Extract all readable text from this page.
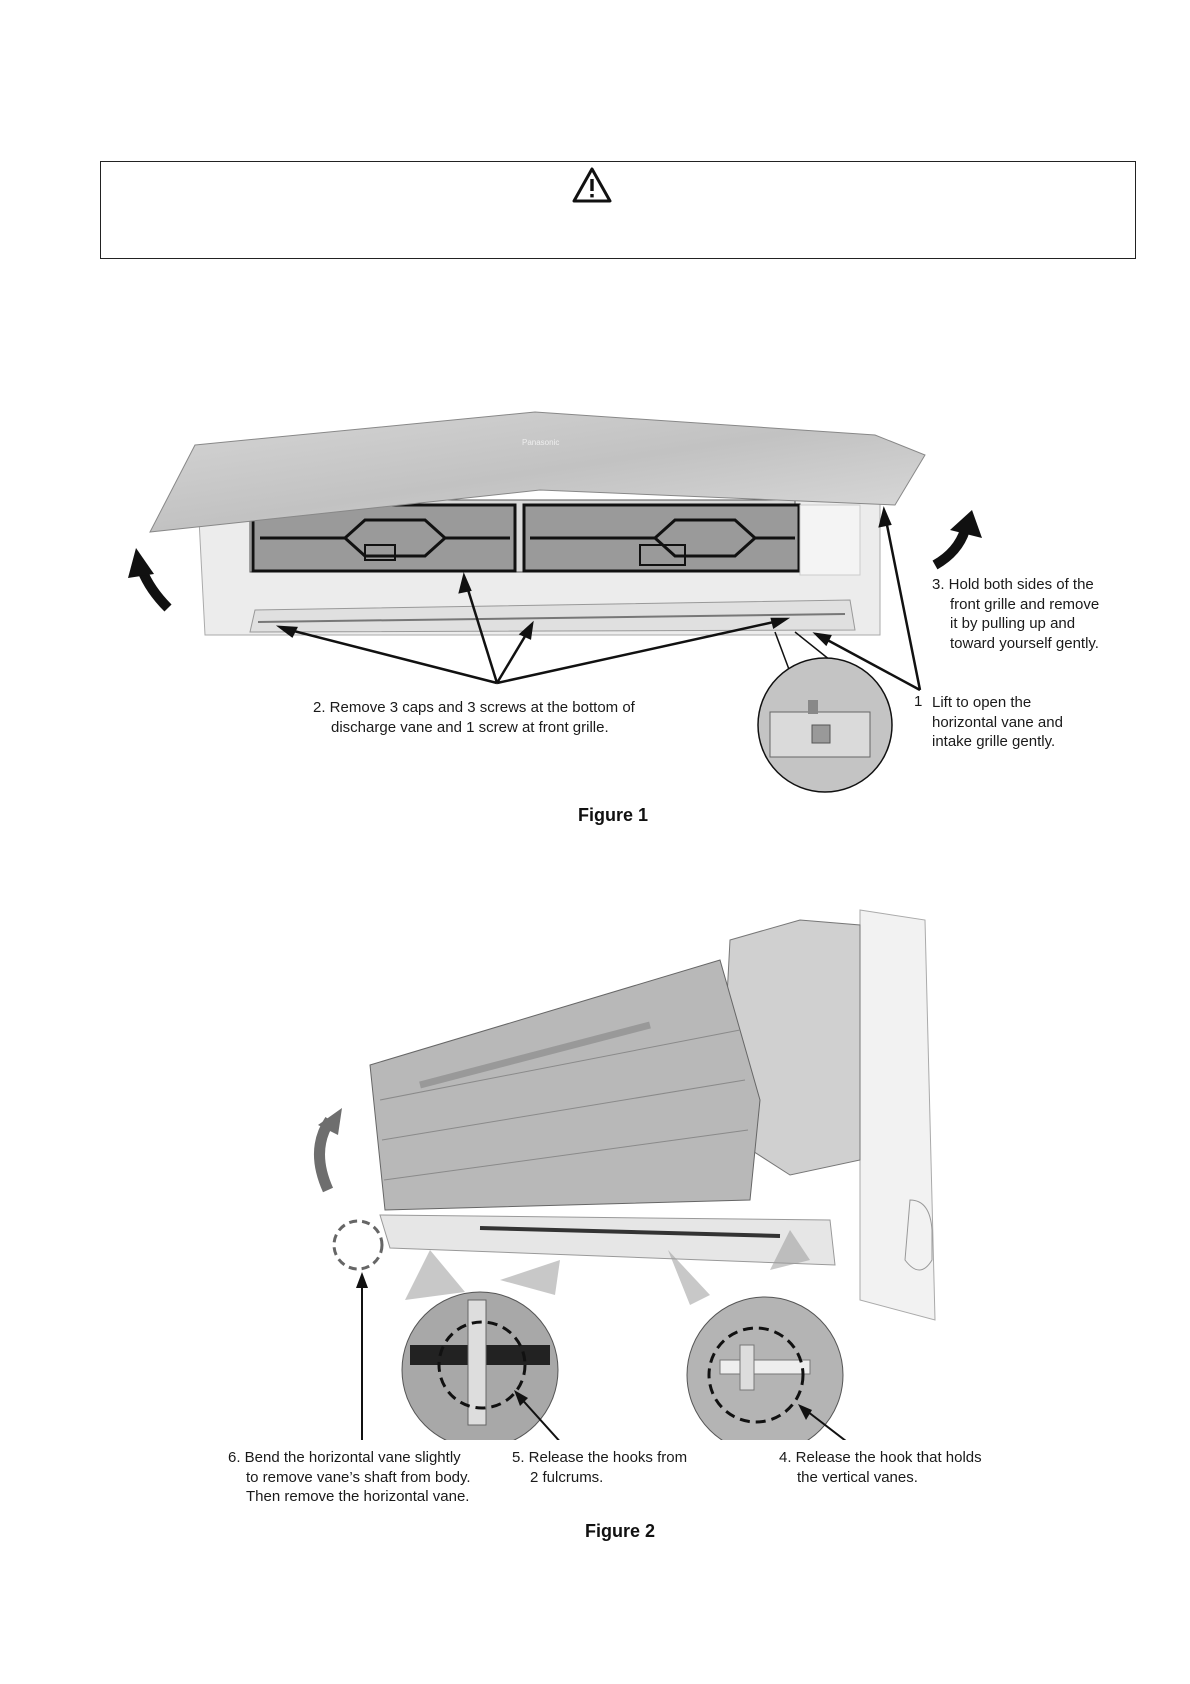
Panasonic
3. Hold both sides of the
front grille and remove
it by pulling up and
toward yourself gently.
2. Remove 3 caps and 3 screws at the bottom of
discharge vane and 1 screw at front grille.
1 Lift to open the
horizontal vane and
intake grille gently.
Figure 1
6. Bend the horizontal vane slightly
to remove vane’s shaft from body.
Then remove the horizontal vane.
5. Release the hooks from
2 fulcrums.
4. Release the hook that holds
the vertical vanes.
Figure 2
